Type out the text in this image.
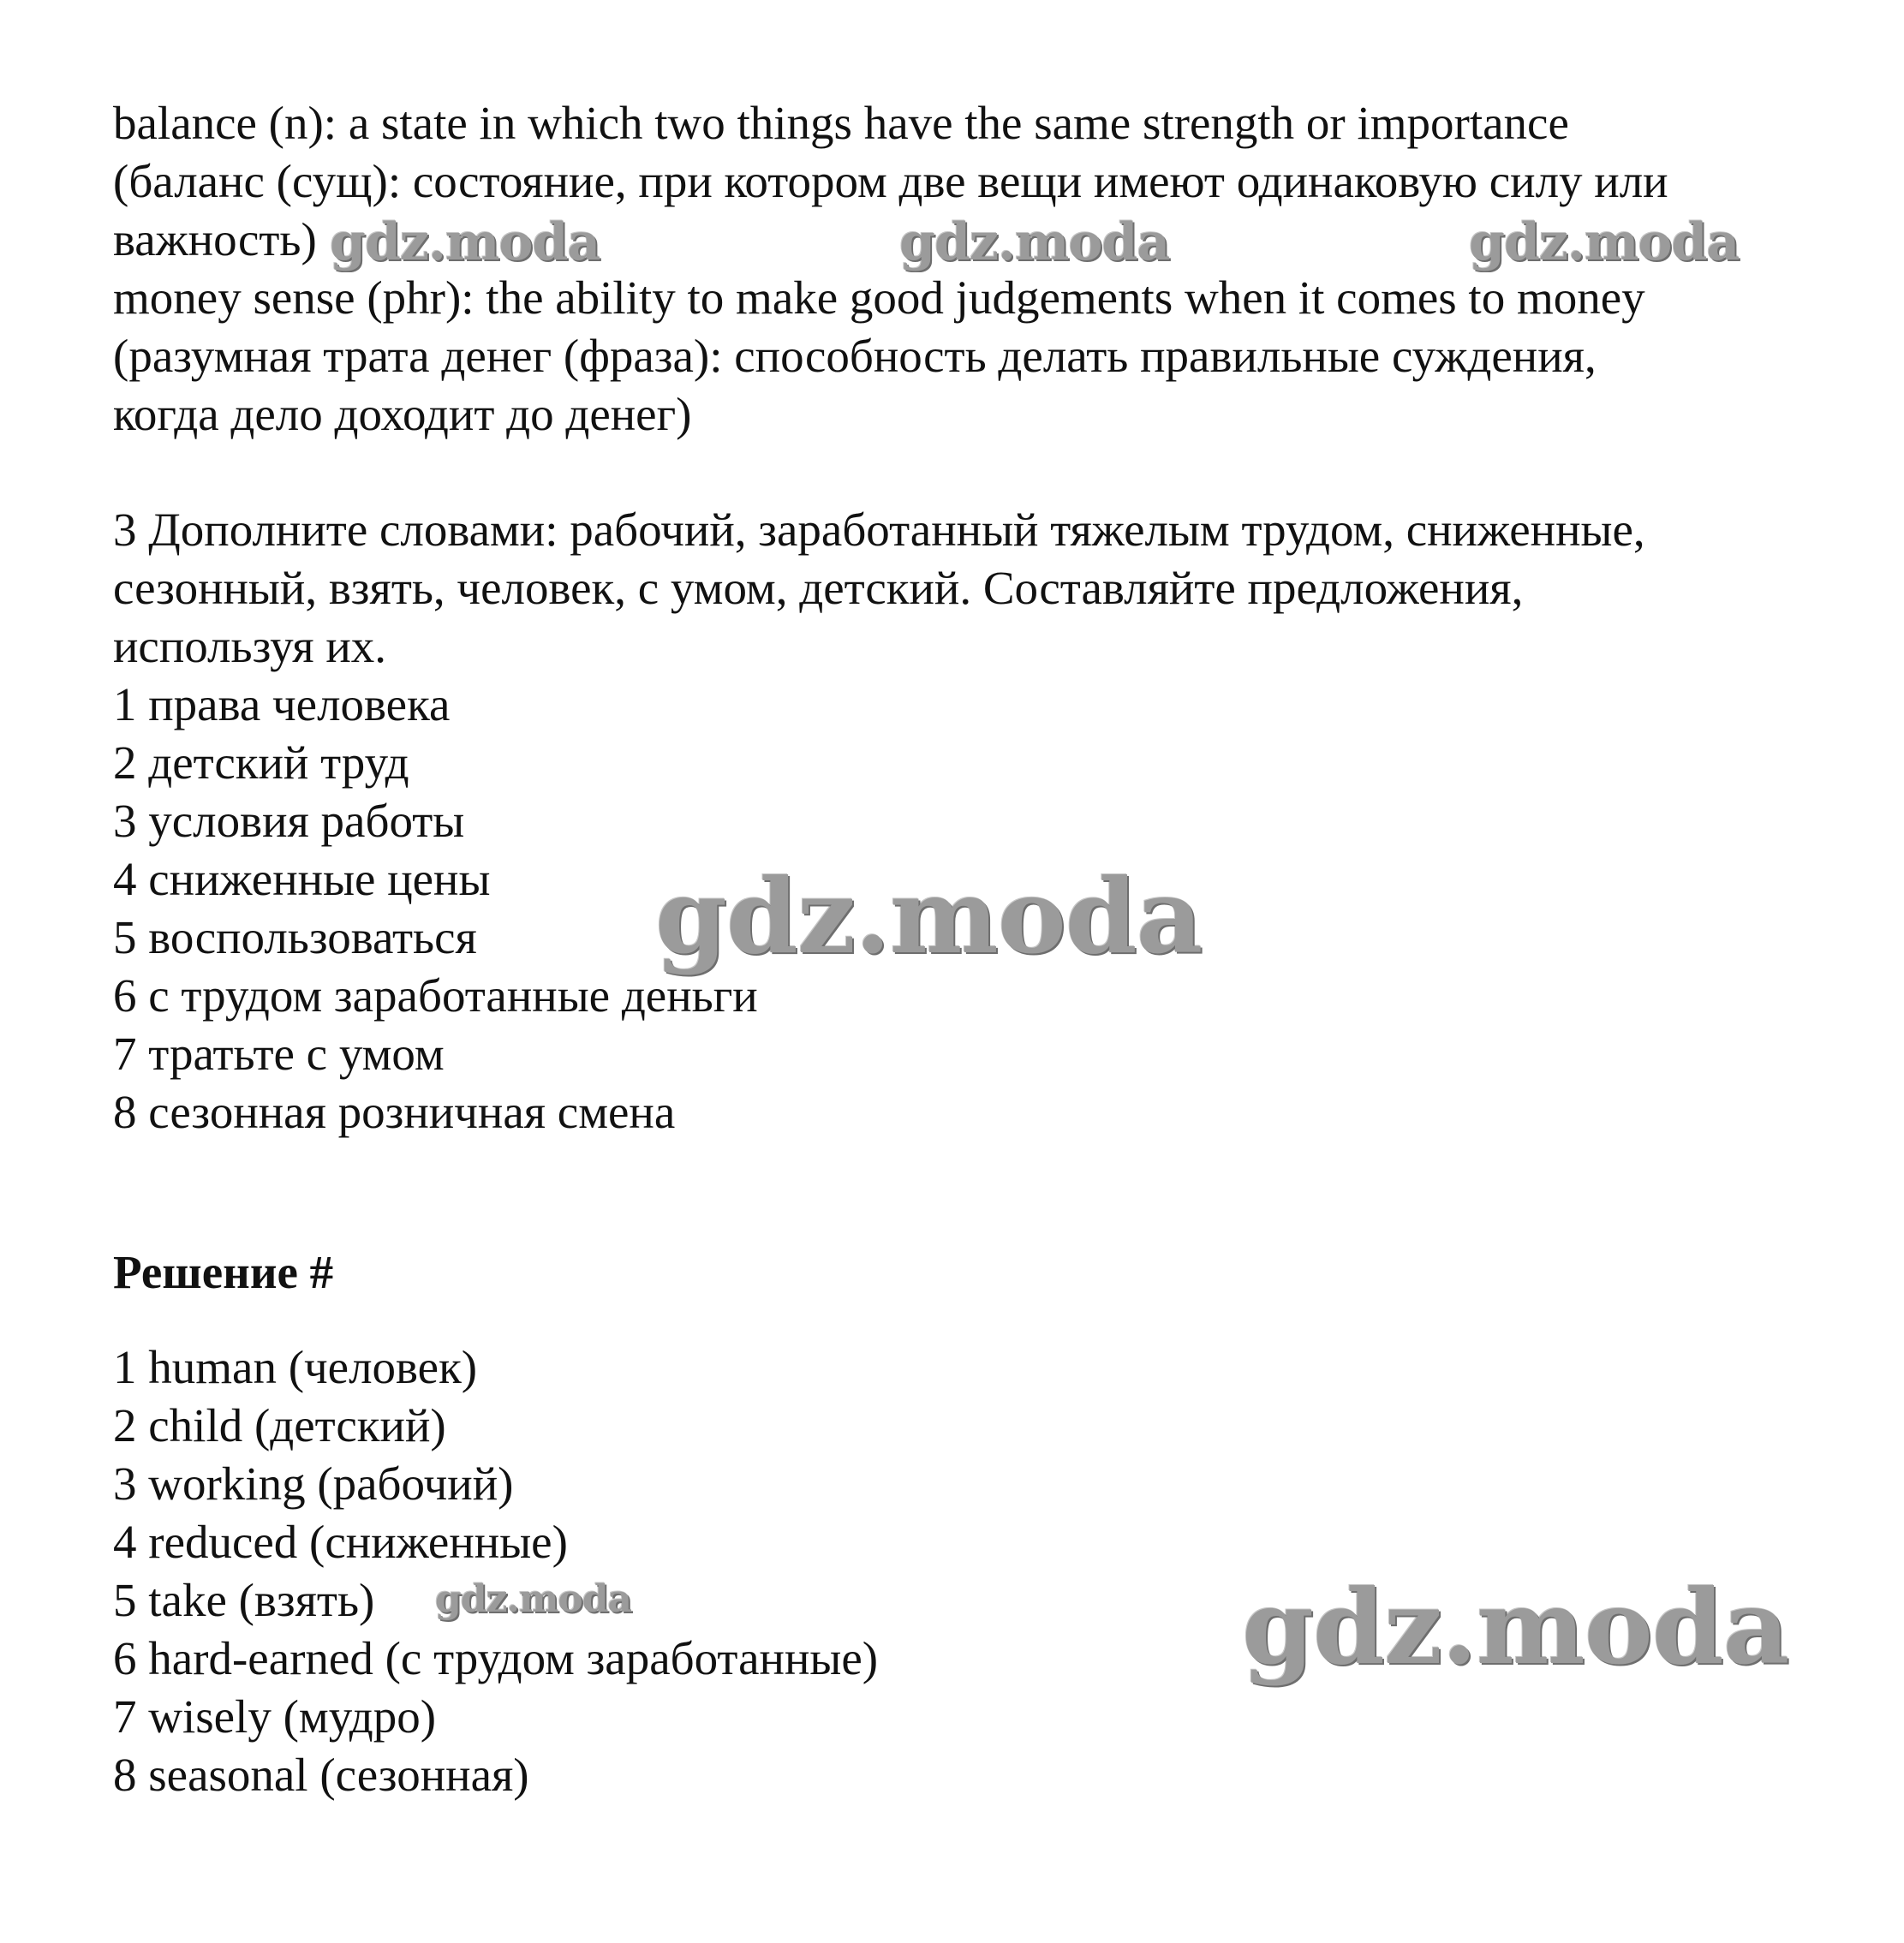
balance (n): a state in which two things have the same strength or importance
(баланс (сущ): состояние, при котором две вещи имеют одинаковую силу или
важность)
money sense (phr): the ability to make good judgements when it comes to money
(разумная трата денег (фраза): способность делать правильные суждения,
когда дело доходит до денег)
3 Дополните словами: рабочий, заработанный тяжелым трудом, сниженные,
сезонный, взять, человек, с умом, детский. Составляйте предложения,
используя их.
1 права человека
2 детский труд
3 условия работы
4 сниженные цены
5 воспользоваться
6 с трудом заработанные деньги
7 тратьте с умом
8 сезонная розничная смена
Решение #
1 human (человек)
2 child (детский)
3 working (рабочий)
4 reduced (сниженные)
5 take (взять)
6 hard-earned (с трудом заработанные)
7 wisely (мудро)
8 seasonal (сезонная)
gdz.moda	gdz.moda	gdz.moda
gdz.moda
gdz.moda	gdz.moda
